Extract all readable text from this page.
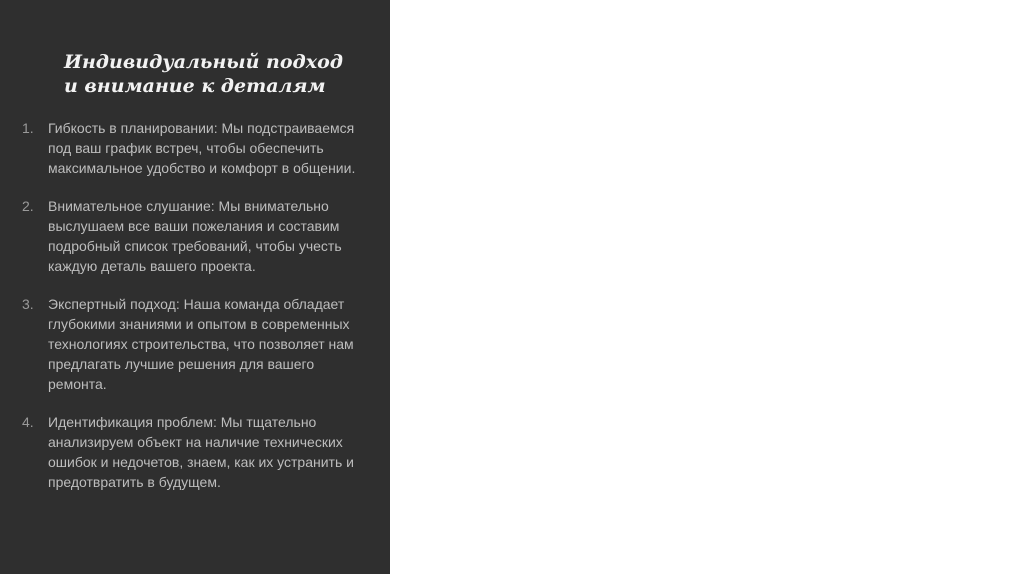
Индивидуальный подход
и внимание к деталям
1. Гибкость в планировании: Мы подстраиваемся под ваш график встреч, чтобы обеспечить максимальное удобство и комфорт в общении.
2. Внимательное слушание: Мы внимательно выслушаем все ваши пожелания и составим подробный список требований, чтобы учесть каждую деталь вашего проекта.
3. Экспертный подход: Наша команда обладает глубокими знаниями и опытом в современных технологиях строительства, что позволяет нам предлагать лучшие решения для вашего ремонта.
4. Идентификация проблем: Мы тщательно анализируем объект на наличие технических ошибок и недочетов, знаем, как их устранить и предотвратить в будущем.
